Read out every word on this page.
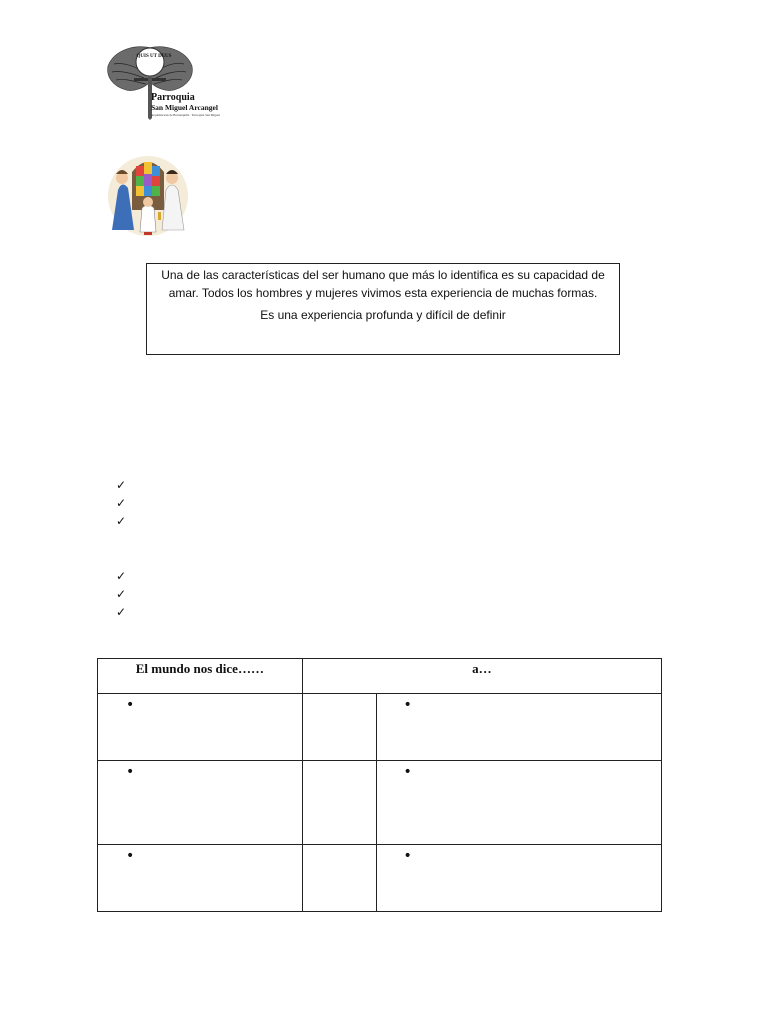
QUIS UT DEUS
Parroquia
San Miguel Arcangel
Arquidiócesis de Barranquilla · Parroquia San Miguel

Una de las características del ser humano que más lo identifica es su capacidad de amar. Todos los hombres y mujeres vivimos esta experiencia de muchas formas.

Es una experiencia profunda y difícil de definir

✓
✓
✓
✓
✓
✓
El mundo nos dice……	a…	

•		•

•		•

•		•
